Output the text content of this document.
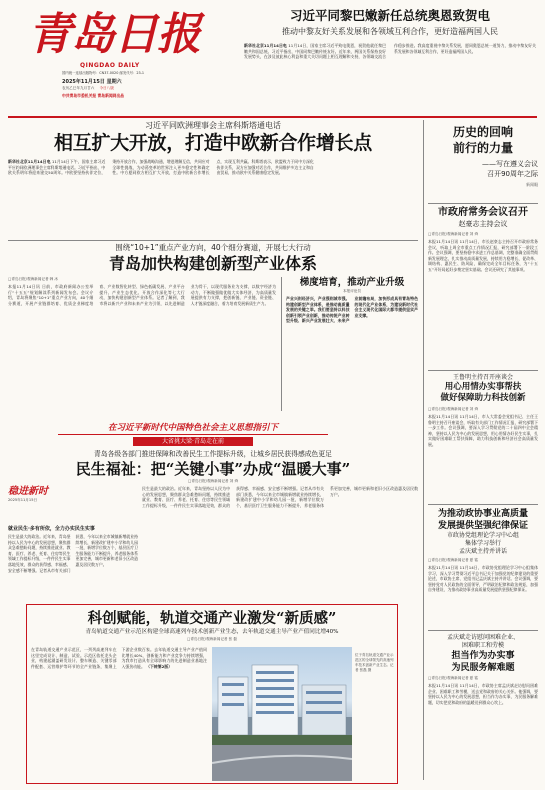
青岛日报
QINGDAO DAILY
国内统一连续出版物号：CN37-0020 邮发代号：23-1
2025年11月15日 星期六
农历乙巳年九月廿六 今日八版
中共青岛市委机关报 青岛新闻网出品
习近平同黎巴嫩新任总统奥恩致贺电
推动中黎友好关系发展和各领域互利合作，更好造福两国人民
新华社北京11月14日电 11月14日，国家主席习近平致电奥恩，祝贺他就任黎巴嫩共和国总统。习近平指出，中国同黎巴嫩传统友好。近年来，两国关系保持良好发展势头，在涉及彼此核心利益和重大关切问题上相互理解和支持，各领域交流合作稳步推进。我高度重视中黎关系发展，愿同奥恩总统一道努力，推动中黎友好关系发展和各领域互利合作，更好造福两国人民。
习近平同欧洲理事会主席科斯塔通电话
相互扩大开放，打造中欧新合作增长点
新华社北京11月14日电 11月14日下午，国家主席习近平应约同欧洲理事会主席科斯塔通电话。习近平指出，中欧关系明年将迎来建交50周年。中欧要坚持伙伴定位，秉持开放合作，加强战略沟通，增进理解互信，共同应对全球性挑战，为动荡变革的世界注入更多稳定性和确定性。中方愿同欧方相互扩大开放，打造中欧新合作增长点，实现互利共赢。科斯塔表示，欧盟致力于同中方深化伙伴关系，双方应加强对话合作，共同维护多边主义和自由贸易，推动欧中关系健康稳定发展。
历史的回响
前行的力量
——写在遵义会议
召开90周年之际
新闻眼
市政府常务会议召开
赵豪志主持会议
□青岛日报/观海新闻记者 刘 舜
本报11月14日讯 11月14日，市长赵豪志主持召开市政府常务会议，听取上周全市重点工作情况汇报，研究部署下一阶段工作。会议强调，要坚持稳中求进工作总基调，完整准确全面贯彻新发展理念，扎实推动高质量发展，持续用力稳增长、促改革、调结构、惠民生、防风险，确保完成全年目标任务，为“十五五”开好局起好步奠定坚实基础。会议还研究了其他事项。
王鲁明主持召开座谈会
用心用情办实事帮扶
做好保障助力科技创新
□青岛日报/观海新闻记者 刘 舜
本报11月14日讯 11月14日，市人大常委会党组书记、主任王鲁明主持召开座谈会，听取有关部门工作情况汇报，研究部署下一步工作。会议强调，要深入学习贯彻党的二十届四中全会精神，坚持以人民为中心的发展思想，用心用情办好民生实事，扎实做好困难职工帮扶保障，助力科技创新和经济社会高质量发展。
为推动政协事业高质量
发展提供坚强纪律保证
市政协党组理论学习中心组
集体学习举行
孟庆斌主持并讲话
□青岛日报/观海新闻记者 夏 铭
本报11月14日讯 11月14日，市政协党组理论学习中心组集体学习，深入学习贯彻习近平总书记关于加强党的纪律建设的重要论述，市政协主席、党组书记孟庆斌主持并讲话。会议强调，要坚持党对人民政协的全面领导，严明政治纪律和政治规矩，加强自身建设，为推动政协事业高质量发展提供坚强纪律保证。
孟庆斌走访慰问困难企业、
困难职工和劳模
担当作为办实事
为民服务解难题
□青岛日报/观海新闻记者 夏 铭
本报11月14日讯 11月14日，市政协主席孟庆斌走访慰问困难企业、困难职工和劳模，送去党和政府的关心关怀。他强调，要坚持以人民为中心的发展思想，担当作为办实事，为民服务解难题，切实把党和政府的温暖送到群众心坎上。
围绕“10+1”重点产业方向，40个细分赛道，开展七大行动
青岛加快构建创新型产业体系
□青岛日报/观海新闻记者 韩 冰
本报11月14日讯 日前，市政府新闻办公室举行“十五五”规划解读系列新闻发布会。会议介绍，青岛将聚焦“10+1”重点产业方向，40个细分赛道，开展产业链群培育、优质企业梯度培育、产业数智化转型、绿色低碳发展、产业平台提升、产业生态优化、开放合作深化等七大行动，加快构建创新型产业体系。记者了解到，我市将以新兴产业和未来产业为引领，以先进制造业为骨干，以现代服务业为支撑，以数字经济为动力，不断做强做优做大实体经济，为高质量发展提供有力支撑，把创新链、产业链、资金链、人才链深度融合，着力培育发展新质生产力。
梯度培育，推动产业升级
本报评论员
产业兴则经济兴，产业强则城市强。构建创新型产业体系，是推动高质量发展的关键之举。我们要坚持以科技创新引领产业创新，推动传统产业转型升级、新兴产业发展壮大、未来产业前瞻布局，加快形成具有青岛特色的现代化产业体系，为建设新时代社会主义现代化国际大都市提供坚实产业支撑。
在习近平新时代中国特色社会主义思想指引下
大省挑大梁·青岛走在前
青岛各级各部门推进保障和改善民生工作提标升级，让城乡居民获得感成色更足
民生福祉：把“关键小事”办成“温暖大事”
□青岛日报/观海新闻记者 刘 舜
稳进新时
2025年11月15日
就业民生·多有所依，全力办实民生实事
民生是最大的政治。近年来，青岛坚持以人民为中心的发展思想，聚焦群众急难愁盼问题，持续推进就业、教育、医疗、养老、托育、住房等民生领域工作提标升级，一件件民生实事落地见效，群众的获得感、幸福感、安全感不断增强。记者从市有关部门获悉，今年以来全市城镇新增就业持续增长，新建改扩建中小学和幼儿园一批，新增学位数万个，基层医疗卫生服务能力不断提升，养老服务体系更加完善，城市更新和老旧小区改造惠及居民数万户。
民生是最大的政治。近年来，青岛坚持以人民为中心的发展思想，聚焦群众急难愁盼问题，持续推进就业、教育、医疗、养老、托育、住房等民生领域工作提标升级，一件件民生实事落地见效，群众的获得感、幸福感、安全感不断增强。记者从市有关部门获悉，今年以来全市城镇新增就业持续增长，新建改扩建中小学和幼儿园一批，新增学位数万个，基层医疗卫生服务能力不断提升，养老服务体系更加完善，城市更新和老旧小区改造惠及居民数万户。
科创赋能，轨道交通产业激发“新质感”
青岛轨道交通产业示范区构建全球高速列车技术创新产业生态，去年轨道交通主导产业产值同比增40%
□青岛日报/观海新闻记者 张 磊
在青岛轨道交通产业示范区，一列列高速列车在这里完成设计、制造、试验。示范区依托龙头企业，构建起涵盖研发设计、整车制造、关键零部件配套、运营维护等环节的全产业链条，集聚上下游企业数百家。去年轨道交通主导产业产值同比增长40%，创新能力和产业竞争力持续增强，为我市打造具有全球影响力的先进制造业基地注入强劲动能。 （下转第2版）
位于青岛轨道交通产业示范区的全球领先的高速列车技术创新产业生态。记者 张磊 摄
